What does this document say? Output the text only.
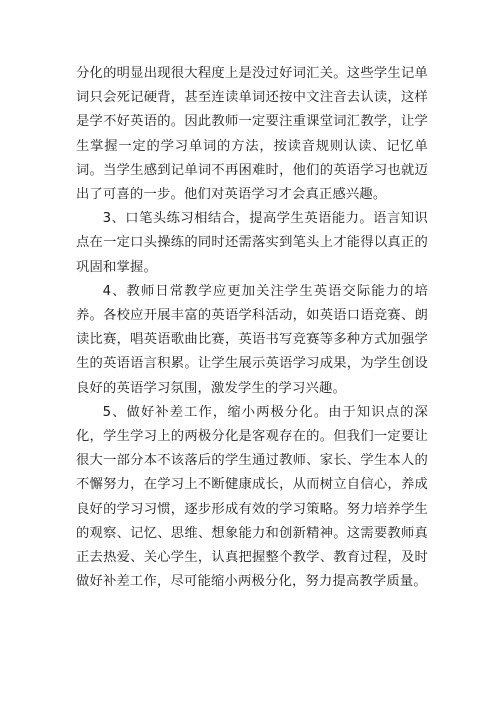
分化的明显出现很大程度上是没过好词汇关。这些学生记单词只会死记硬背，甚至连读单词还按中文注音去认读，这样是学不好英语的。因此教师一定要注重课堂词汇教学，让学生掌握一定的学习单词的方法，按读音规则认读、记忆单词。当学生感到记单词不再困难时，他们的英语学习也就迈出了可喜的一步。他们对英语学习才会真正感兴趣。

3、口笔头练习相结合，提高学生英语能力。语言知识点在一定口头操练的同时还需落实到笔头上才能得以真正的巩固和掌握。

4、教师日常教学应更加关注学生英语交际能力的培养。各校应开展丰富的英语学科活动，如英语口语竞赛、朗读比赛，唱英语歌曲比赛，英语书写竞赛等多种方式加强学生的英语语言积累。让学生展示英语学习成果，为学生创设良好的英语学习氛围，激发学生的学习兴趣。

5、做好补差工作，缩小两极分化。由于知识点的深化，学生学习上的两极分化是客观存在的。但我们一定要让很大一部分本不该落后的学生通过教师、家长、学生本人的不懈努力，在学习上不断健康成长，从而树立自信心，养成良好的学习习惯，逐步形成有效的学习策略。努力培养学生的观察、记忆、思维、想象能力和创新精神。这需要教师真正去热爱、关心学生，认真把握整个教学、教育过程，及时做好补差工作，尽可能缩小两极分化，努力提高教学质量。
